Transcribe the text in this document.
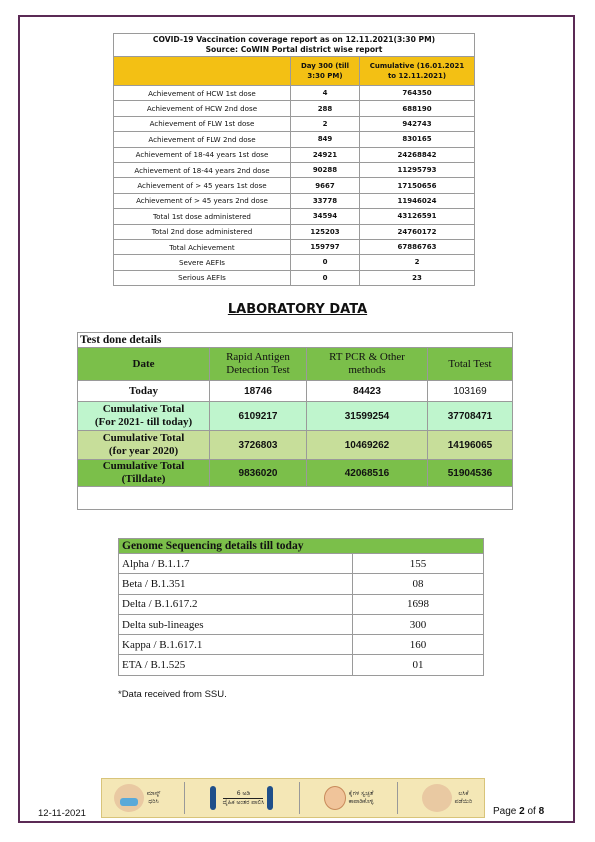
COVID-19 Vaccination coverage report as on 12.11.2021(3:30 PM)
Source: CoWIN Portal district wise report		
	Day 300 (till
3:30 PM)	Cumulative (16.01.2021
to 12.11.2021)
Achievement of HCW 1st dose	4	764350
Achievement of HCW 2nd dose	288	688190
Achievement of FLW 1st dose	2	942743
Achievement of FLW 2nd dose	849	830165
Achievement of 18-44 years 1st dose	24921	24268842
Achievement of 18-44 years 2nd dose	90288	11295793
Achievement of > 45 years 1st dose	9667	17150656
Achievement of > 45 years 2nd dose	33778	11946024
Total 1st dose administered	34594	43126591
Total 2nd dose administered	125203	24760172
Total Achievement	159797	67886763
Severe AEFIs	0	2
Serious AEFIs	0	23
LABORATORY DATA
Test done details			
Date	Rapid Antigen
Detection Test	RT PCR & Other
methods	Total Test
Today	18746	84423	103169
Cumulative Total
(For 2021- till today)	6109217	31599254	37708471
Cumulative Total
(for year 2020)	3726803	10469262	14196065
Cumulative Total
(Tilldate)	9836020	42068516	51904536

Genome Sequencing details till today	
Alpha / B.1.1.7	155
Beta / B.1.351	08
Delta / B.1.617.2	1698
Delta sub-lineages	300
Kappa / B.1.617.1	160
ETA / B.1.525	01
*Data received from SSU.
12-11-2021
ಮಾಸ್ಕ್
ಧರಿಸಿ
6 ಅಡಿ
ದೈಹಿಕ ಅಂತರ ಪಾಲಿಸಿ
ಕೈಗಳ ಸ್ವಚ್ಛತೆ
ಕಾಪಾಡಿಕೊಳ್ಳಿ
ಲಸಿಕೆ
ಪಡೆಯಿರಿ
Page 2 of 8
